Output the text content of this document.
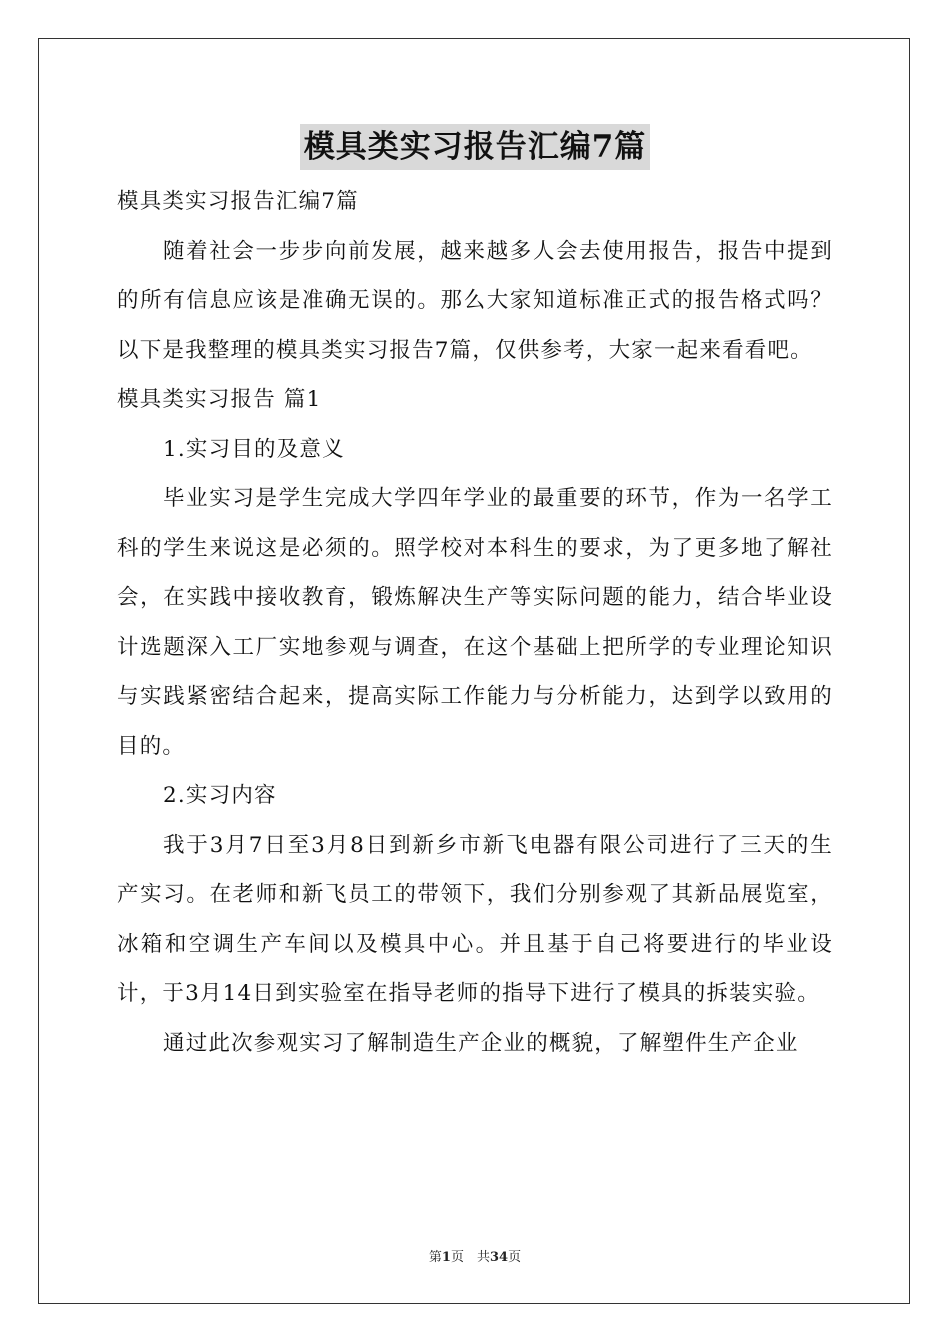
模具类实习报告汇编7篇

模具类实习报告汇编7篇

随着社会一步步向前发展，越来越多人会去使用报告，报告中提到的所有信息应该是准确无误的。那么大家知道标准正式的报告格式吗？以下是我整理的模具类实习报告7篇，仅供参考，大家一起来看看吧。

模具类实习报告 篇1

1.实习目的及意义

毕业实习是学生完成大学四年学业的最重要的环节，作为一名学工科的学生来说这是必须的。照学校对本科生的要求，为了更多地了解社会，在实践中接收教育，锻炼解决生产等实际问题的能力，结合毕业设计选题深入工厂实地参观与调查，在这个基础上把所学的专业理论知识与实践紧密结合起来，提高实际工作能力与分析能力，达到学以致用的目的。

2.实习内容

我于3月7日至3月8日到新乡市新飞电器有限公司进行了三天的生产实习。在老师和新飞员工的带领下，我们分别参观了其新品展览室，冰箱和空调生产车间以及模具中心。并且基于自己将要进行的毕业设计，于3月14日到实验室在指导老师的指导下进行了模具的拆装实验。

通过此次参观实习了解制造生产企业的概貌，了解塑件生产企业

第1页　共34页
